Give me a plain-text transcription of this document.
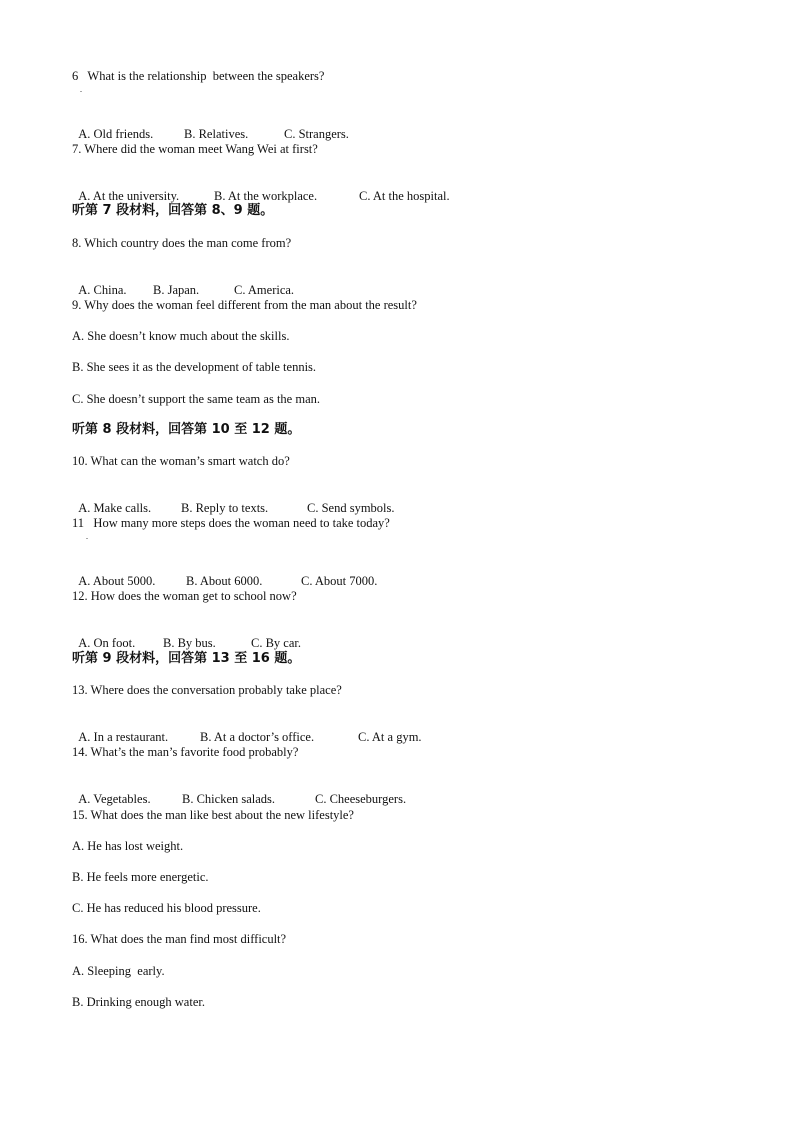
6   What is the relationship  between the speakers?
.

A. Old friends. B. Relatives.	C. Strangers.

7. Where did the woman meet Wang Wei at first?

A. At the university.	B. At the workplace.	C. At the hospital.

听第 7 段材料，回答第 8、9 题。
8. Which country does the man come from?

A. China. B. Japan.	C. America.

9. Why does the woman feel different from the man about the result?
A. She doesn’t know much about the skills.
B. She sees it as the development of table tennis.
C. She doesn’t support the same team as the man.
听第 8 段材料，回答第 10 至 12 题。
10. What can the woman’s smart watch do?

A. Make calls. B. Reply to texts.	C. Send symbols.

11   How many more steps does the woman need to take today?
.

A. About 5000. B. About 6000.	C. About 7000.

12. How does the woman get to school now?

A. On foot. B. By bus.	C. By car.

听第 9 段材料，回答第 13 至 16 题。
13. Where does the conversation probably take place?

A. In a restaurant.	B. At a doctor’s office.	C. At a gym.

14. What’s the man’s favorite food probably?

A. Vegetables.	B. Chicken salads.	C. Cheeseburgers.

15. What does the man like best about the new lifestyle?
A. He has lost weight.
B. He feels more energetic.
C. He has reduced his blood pressure.
16. What does the man find most difficult?
A. Sleeping  early.
B. Drinking enough water.
